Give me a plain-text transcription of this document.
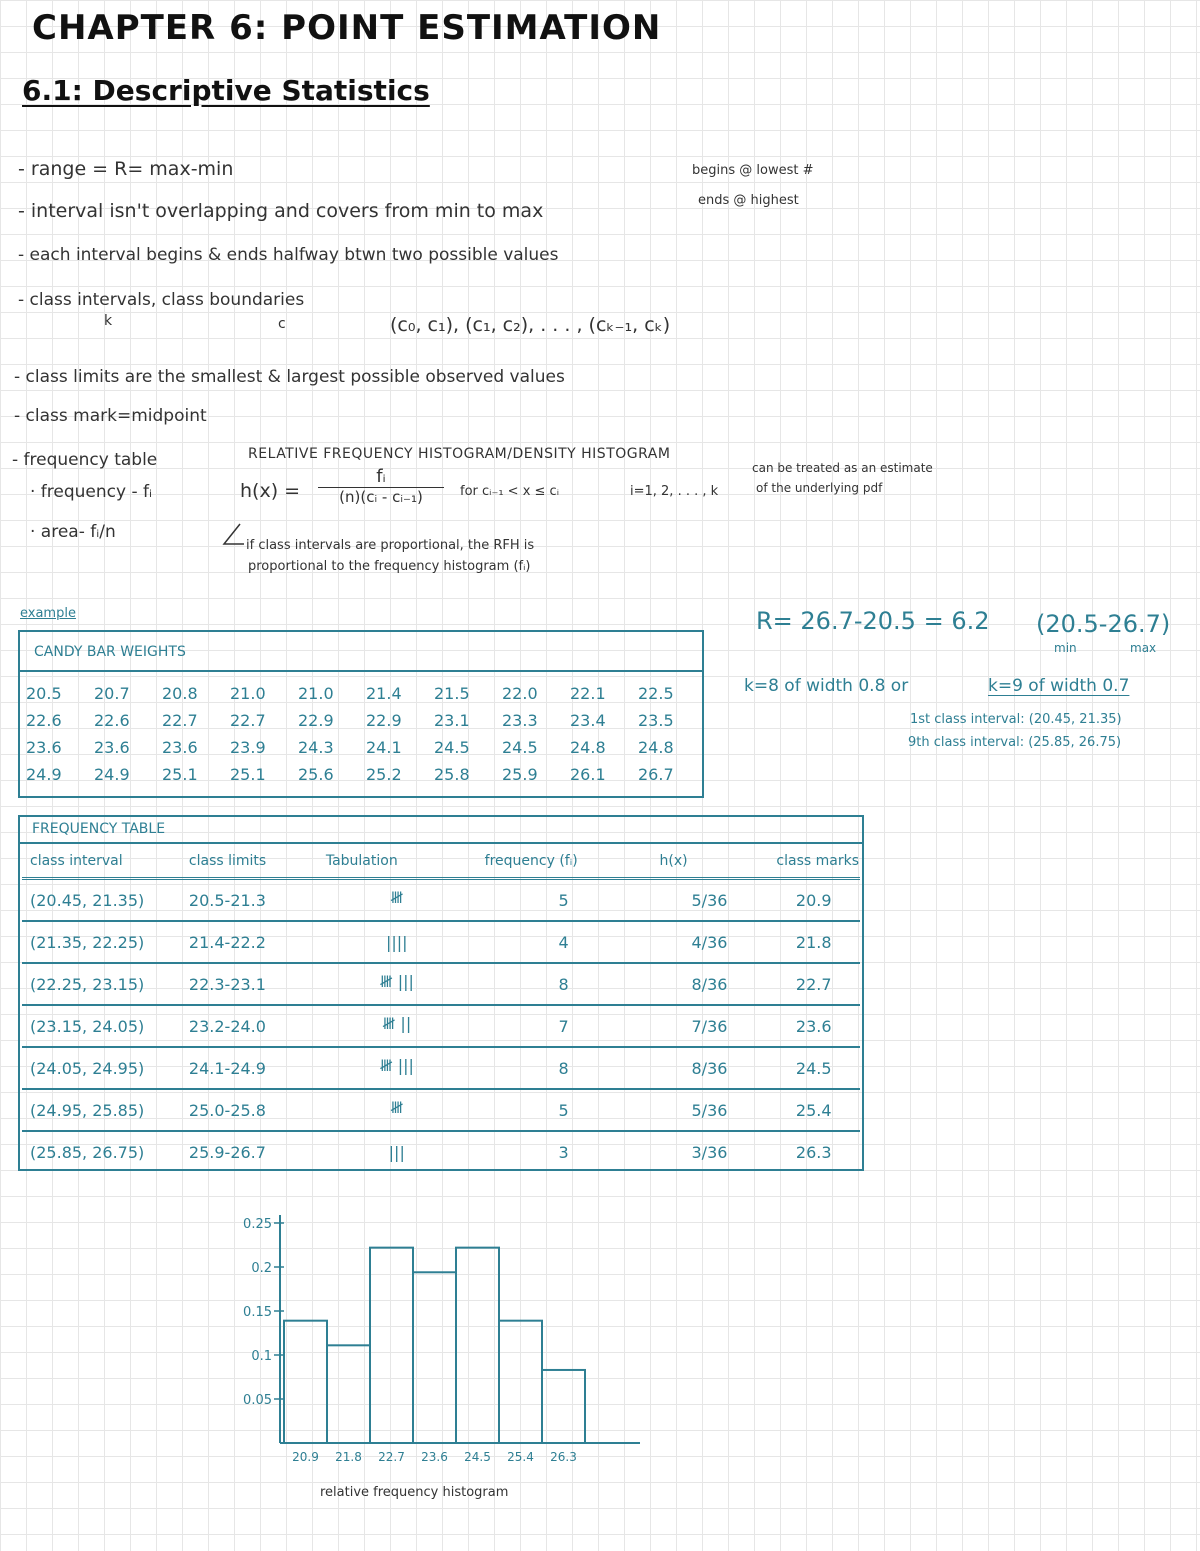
CHAPTER 6: POINT ESTIMATION
6.1: Descriptive Statistics
- range = R= max-min
- interval isn't overlapping and covers from min to max
begins @ lowest #
ends @ highest
- each interval begins & ends halfway btwn two possible values
- class intervals, class boundaries
k	c	(c₀, c₁), (c₁, c₂), . . . , (cₖ₋₁, cₖ)
- class limits are the smallest & largest possible observed values
- class mark=midpoint
- frequency table
· frequency - fᵢ
· area- fᵢ/n
RELATIVE FREQUENCY HISTOGRAM/DENSITY HISTOGRAM
h(x) =
fᵢ
(n)(cᵢ - cᵢ₋₁)	for cᵢ₋₁ < x ≤ cᵢ	i=1, 2, . . . , k
can be treated as an estimate
of the underlying pdf
if class intervals are proportional, the RFH is
proportional to the frequency histogram (fᵢ)
example	R= 26.7-20.5 = 6.2 (20.5-26.7)
min	max
k=8 of width 0.8 or	k=9 of width 0.7
1st class interval: (20.45, 21.35)
9th class interval: (25.85, 26.75)
CANDY BAR WEIGHTS
20.5	20.7	20.8	21.0	21.0	21.4	21.5	22.0	22.1	22.5
22.6	22.6	22.7	22.7	22.9	22.9	23.1	23.3	23.4	23.5
23.6	23.6	23.6	23.9	24.3	24.1	24.5	24.5	24.8	24.8
24.9	24.9	25.1	25.1	25.6	25.2	25.8	25.9	26.1	26.7
FREQUENCY TABLE
class interval	class limits	Tabulation	frequency (fᵢ)	h(x)	class marks
(20.45, 21.35)	20.5-21.3	𝍸	5	5/36	20.9
(21.35, 22.25)	21.4-22.2	||||	4	4/36	21.8
(22.25, 23.15)	22.3-23.1	𝍸 |||	8	8/36	22.7
(23.15, 24.05)	23.2-24.0	𝍸 ||	7	7/36	23.6
(24.05, 24.95)	24.1-24.9	𝍸 |||	8	8/36	24.5
(24.95, 25.85)	25.0-25.8	𝍸	5	5/36	25.4
(25.85, 26.75)	25.9-26.7	|||	3	3/36	26.3
0.25
0.2
0.15
0.1
0.05
20.9 21.8 22.7 23.6 24.5 25.4 26.3
relative frequency histogram
